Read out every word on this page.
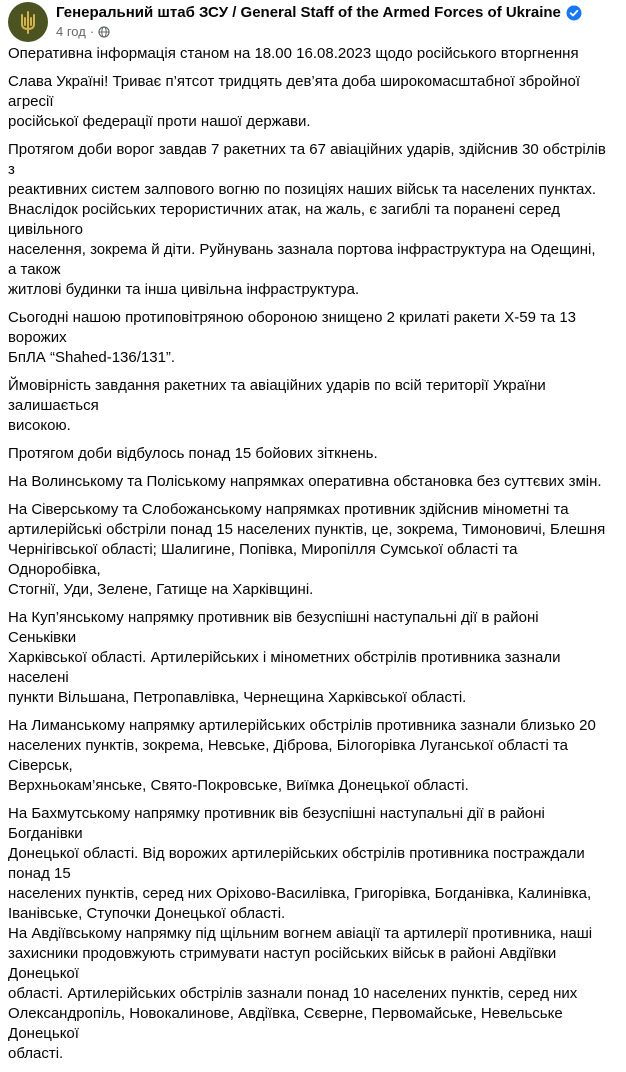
Генеральний штаб ЗСУ / General Staff of the Armed Forces of Ukraine
4 год ·

Оперативна інформація станом на 18.00 16.08.2023 щодо російського вторгнення

Слава Україні! Триває п’ятсот тридцять дев’ята доба широкомасштабної збройної агресії
російської федерації проти нашої держави.

Протягом доби ворог завдав 7 ракетних та 67 авіаційних ударів, здійснив 30 обстрілів з
реактивних систем залпового вогню по позиціях наших військ та населених пунктах.
Внаслідок російських терористичних атак, на жаль, є загиблі та поранені серед цивільного
населення, зокрема й діти. Руйнувань зазнала портова інфраструктура на Одещині, а також
житлові будинки та інша цивільна інфраструктура.

Сьогодні нашою протиповітряною обороною знищено 2 крилаті ракети Х-59 та 13 ворожих
БпЛА “Shahed-136/131”.

Ймовірність завдання ракетних та авіаційних ударів по всій території України залишається
високою.

Протягом доби відбулось понад 15 бойових зіткнень.

На Волинському та Поліському напрямках оперативна обстановка без суттєвих змін.

На Сіверському та Слобожанському напрямках противник здійснив мінометні та
артилерійські обстріли понад 15 населених пунктів, це, зокрема, Тимоновичі, Блешня
Чернігівської області; Шалигине, Попівка, Миропілля Сумської області та Одноробівка,
Стогнії, Уди, Зелене, Гатище на Харківщині.

На Куп’янському напрямку противник вів безуспішні наступальні дії в районі Сеньківки
Харківської області. Артилерійських і мінометних обстрілів противника зазнали населені
пункти Вільшана, Петропавлівка, Чернещина Харківської області.

На Лиманському напрямку артилерійських обстрілів противника зазнали близько 20
населених пунктів, зокрема, Невське, Діброва, Білогорівка Луганської області та Сіверськ,
Верхньокам’янське, Свято-Покровське, Виїмка Донецької області.

На Бахмутському напрямку противник вів безуспішні наступальні дії в районі Богданівки
Донецької області. Від ворожих артилерійських обстрілів противника постраждали понад 15
населених пунктів, серед них Оріхово-Василівка, Григорівка, Богданівка, Калинівка,
Іванівське, Ступочки Донецької області.

На Авдіївському напрямку під щільним вогнем авіації та артилерії противника, наші
захисники продовжують стримувати наступ російських військ в районі Авдіївки Донецької
області. Артилерійських обстрілів зазнали понад 10 населених пунктів, серед них
Олександропіль, Новокалинове, Авдіївка, Сєверне, Первомайське, Невельське Донецької
області.
